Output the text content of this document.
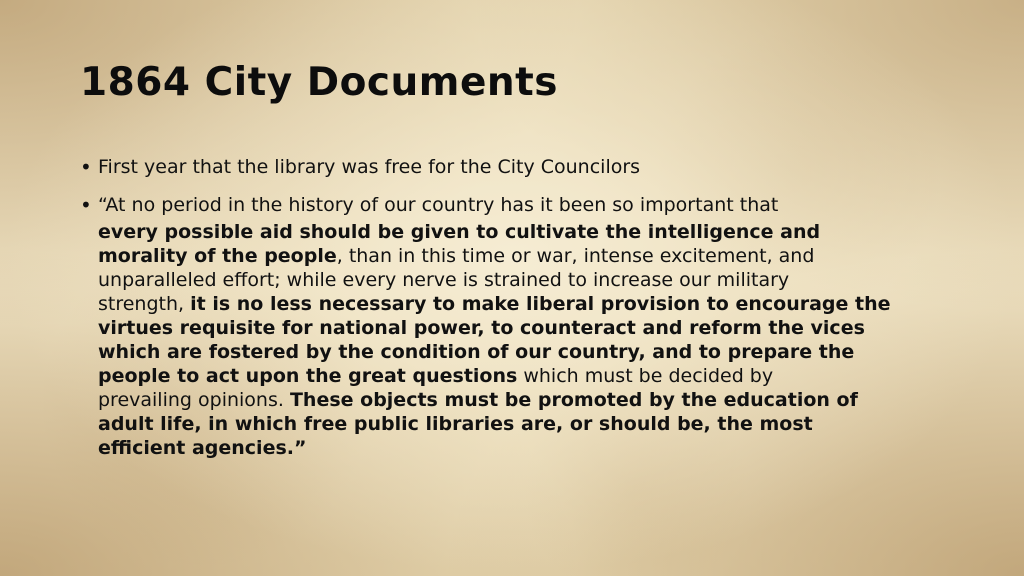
1864 City Documents
• First year that the library was free for the City Councilors
• “At no period in the history of our country has it been so important that
every possible aid should be given to cultivate the intelligence and
morality of the people, than in this time or war, intense excitement, and
unparalleled effort; while every nerve is strained to increase our military
strength, it is no less necessary to make liberal provision to encourage the
virtues requisite for national power, to counteract and reform the vices
which are fostered by the condition of our country, and to prepare the
people to act upon the great questions which must be decided by
prevailing opinions. These objects must be promoted by the education of
adult life, in which free public libraries are, or should be, the most
efficient agencies.”
